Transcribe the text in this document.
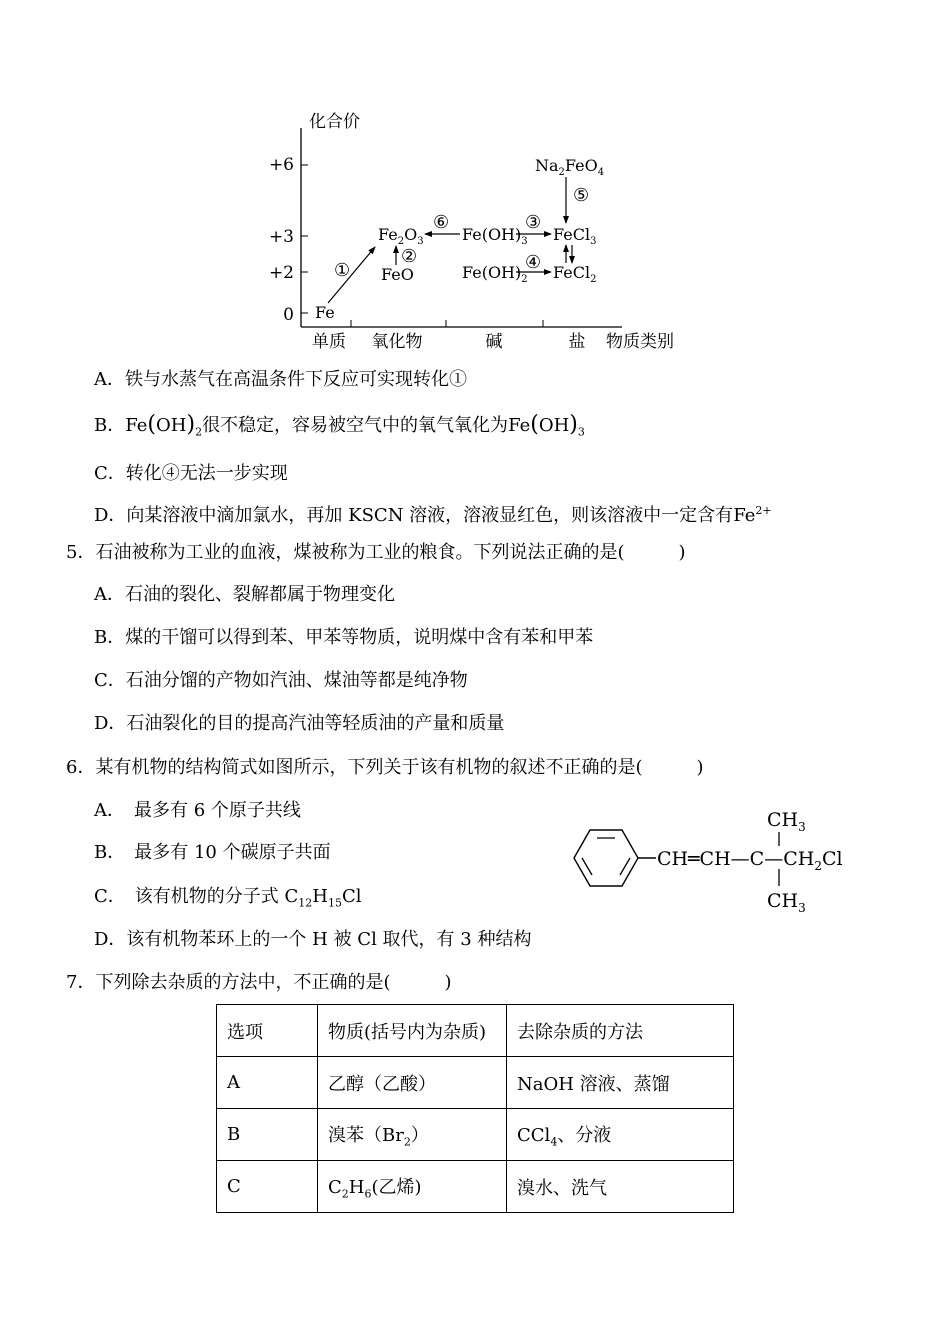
化合价
+6
+3
+2
0
单质 氧化物	碱	盐 物质类别
Fe
$Fe_2O_3$
FeO
$Fe(OH)_3$ FeCl$_3$
$Fe(OH)_2$ FeCl$_2$
$Na_2FeO_4$
①
②
③
④
⑤
⑥
A．铁与水蒸气在高温条件下反应可实现转化①
B．$Fe(OH)_2$很不稳定，容易被空气中的氧气氧化为$Fe(OH)_3$
C．转化④无法一步实现
D．向某溶液中滴加氯水，再加 KSCN 溶液，溶液显红色，则该溶液中一定含有$Fe^{2+}$
5．石油被称为工业的血液，煤被称为工业的粮食。下列说法正确的是(　　　)
A．石油的裂化、裂解都属于物理变化
B．煤的干馏可以得到苯、甲苯等物质，说明煤中含有苯和甲苯
C．石油分馏的产物如汽油、煤油等都是纯净物
D．石油裂化的目的提高汽油等轻质油的产量和质量
6．某有机物的结构简式如图所示，下列关于该有机物的叙述不正确的是(　　　)
A．　最多有 6 个原子共线
B．　最多有 10 个碳原子共面
C．　该有机物的分子式 $C_{12}H_{15}Cl$
D．该有机物苯环上的一个 H 被 Cl 取代，有 3 种结构
$CH═CH—C—CH_2Cl$
$CH_3$
$CH_3$
7．下列除去杂质的方法中，不正确的是(　　　)
选项	物质(括号内为杂质)	去除杂质的方法
A	乙醇（乙酸）	NaOH 溶液、蒸馏
B	溴苯$(Br_2)$	CCl$_4$、分液
C	$C_2H_6$(乙烯)	溴水、洗气
